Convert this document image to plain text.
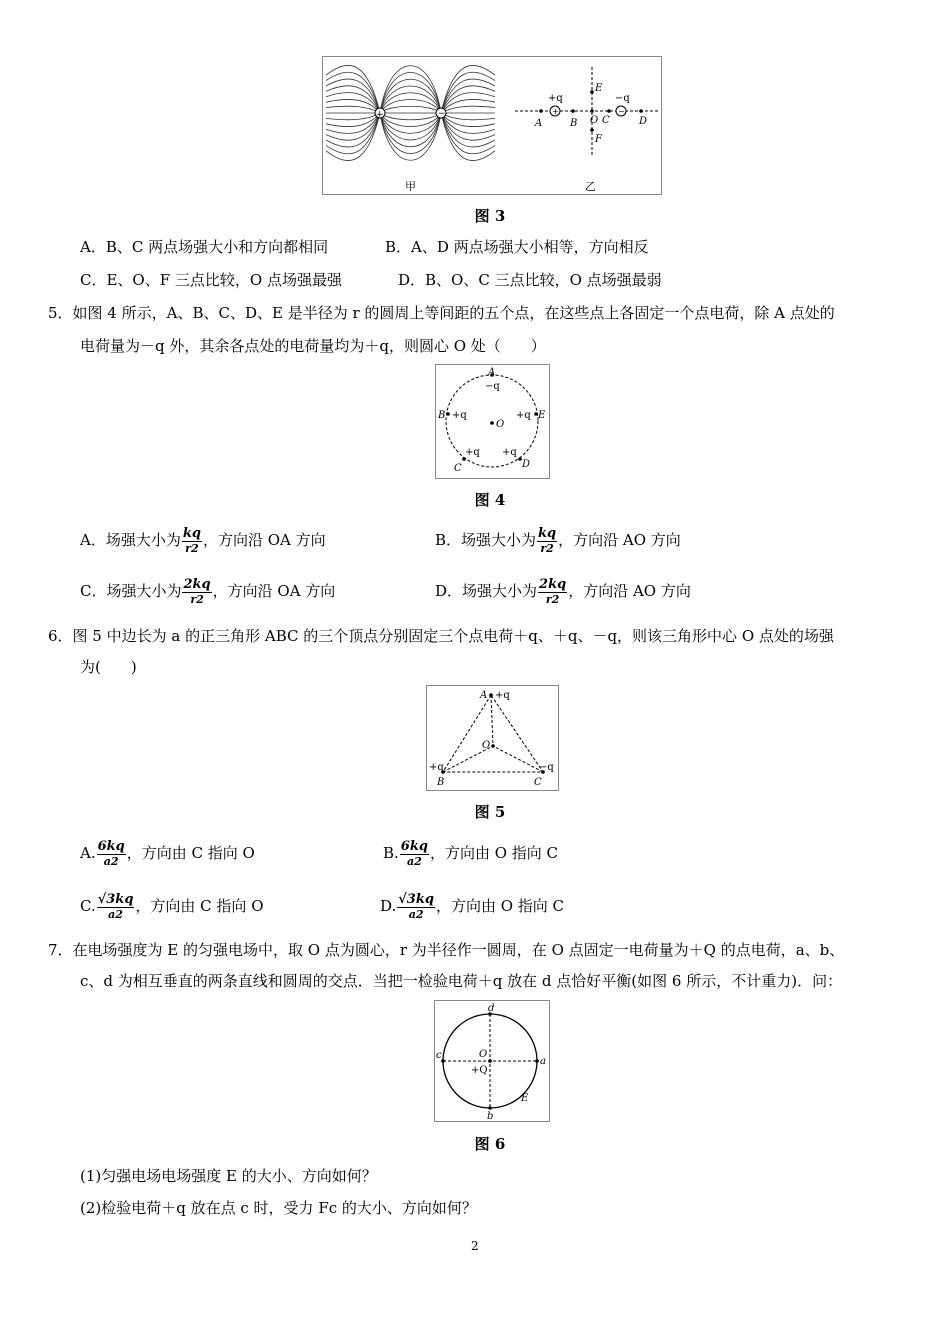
+	−	+	−
+q	−q
A	B O C	D
E
F
甲	乙
图 3
A．B、C 两点场强大小和方向都相同	B．A、D 两点场强大小相等，方向相反
C．E、O、F 三点比较，O 点场强最强	D．B、O、C 三点比较，O 点场强最弱
5．如图 4 所示，A、B、C、D、E 是半径为 r 的圆周上等间距的五个点，在这些点上各固定一个点电荷，除 A 点处的
电荷量为－q 外，其余各点处的电荷量均为＋q，则圆心 O 处（　　）
A
−q
B +q	+q E
O
+q
C
+q
D
图 4
A．场强大小为 $\frac{kq}{r2}$ ，方向沿 OA 方向	B．场强大小为 $\frac{kq}{r2}$ ，方向沿 AO 方向
C．场强大小为 $\frac{2kq}{r2}$ ，方向沿 OA 方向	D．场强大小为 $\frac{2kq}{r2}$ ，方向沿 AO 方向
6．图 5 中边长为 a 的正三角形 ABC 的三个顶点分别固定三个点电荷＋q、＋q、－q，则该三角形中心 O 点处的场强
为(　　)
A +q
O
+q
B
−q
C
图 5
A. $\frac{6kq}{a2}$ ，方向由 C 指向 O	B. $\frac{6kq}{a2}$ ，方向由 O 指向 C
C. $\frac{√3kq}{a2}$ ，方向由 C 指向 O	D. $\frac{√3kq}{a2}$ ，方向由 O 指向 C
7．在电场强度为 E 的匀强电场中，取 O 点为圆心，r 为半径作一圆周，在 O 点固定一电荷量为＋Q 的点电荷，a、b、
c、d 为相互垂直的两条直线和圆周的交点．当把一检验电荷＋q 放在 d 点恰好平衡(如图 6 所示，不计重力)．问：
d
b
c
a
O
+Q
E
图 6
(1)匀强电场电场强度 E 的大小、方向如何？
(2)检验电荷＋q 放在点 c 时，受力 Fc 的大小、方向如何？
2
